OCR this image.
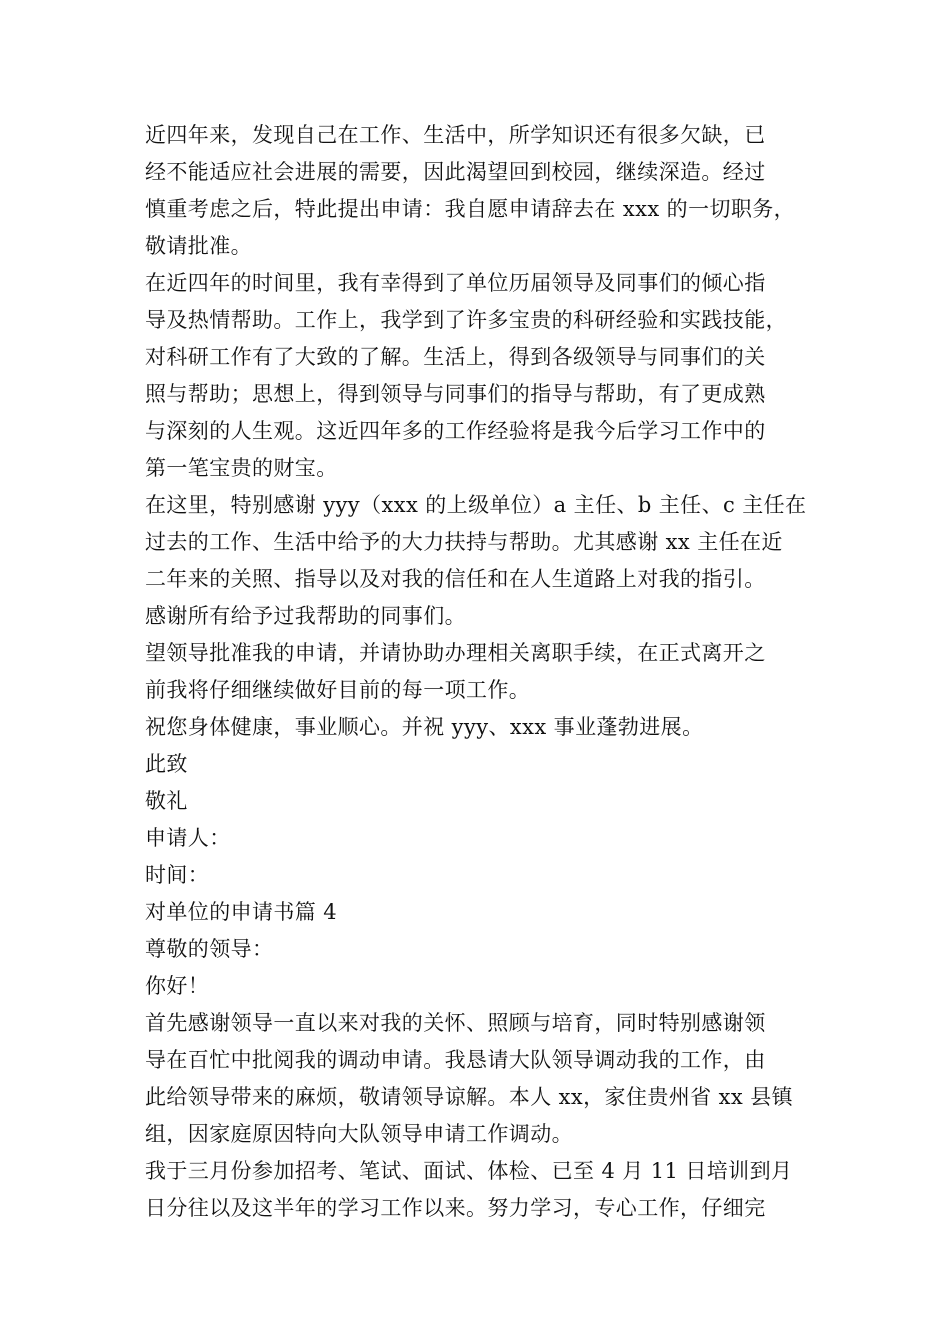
近四年来，发现自己在工作、生活中，所学知识还有很多欠缺，已
经不能适应社会进展的需要，因此渴望回到校园，继续深造。经过
慎重考虑之后，特此提出申请：我自愿申请辞去在 xxx 的一切职务，
敬请批准。
在近四年的时间里，我有幸得到了单位历届领导及同事们的倾心指
导及热情帮助。工作上，我学到了许多宝贵的科研经验和实践技能，
对科研工作有了大致的了解。生活上，得到各级领导与同事们的关
照与帮助；思想上，得到领导与同事们的指导与帮助，有了更成熟
与深刻的人生观。这近四年多的工作经验将是我今后学习工作中的
第一笔宝贵的财宝。
在这里，特别感谢 yyy（xxx 的上级单位）a 主任、b 主任、c 主任在
过去的工作、生活中给予的大力扶持与帮助。尤其感谢 xx 主任在近
二年来的关照、指导以及对我的信任和在人生道路上对我的指引。
感谢所有给予过我帮助的同事们。
望领导批准我的申请，并请协助办理相关离职手续，在正式离开之
前我将仔细继续做好目前的每一项工作。
祝您身体健康，事业顺心。并祝 yyy、xxx 事业蓬勃进展。
此致
敬礼
申请人：
时间：
对单位的申请书篇 4
尊敬的领导：
你好！
首先感谢领导一直以来对我的关怀、照顾与培育，同时特别感谢领
导在百忙中批阅我的调动申请。我恳请大队领导调动我的工作，由
此给领导带来的麻烦，敬请领导谅解。本人 xx，家住贵州省 xx 县镇
组，因家庭原因特向大队领导申请工作调动。
我于三月份参加招考、笔试、面试、体检、已至 4 月 11 日培训到月
日分往以及这半年的学习工作以来。努力学习，专心工作，仔细完
